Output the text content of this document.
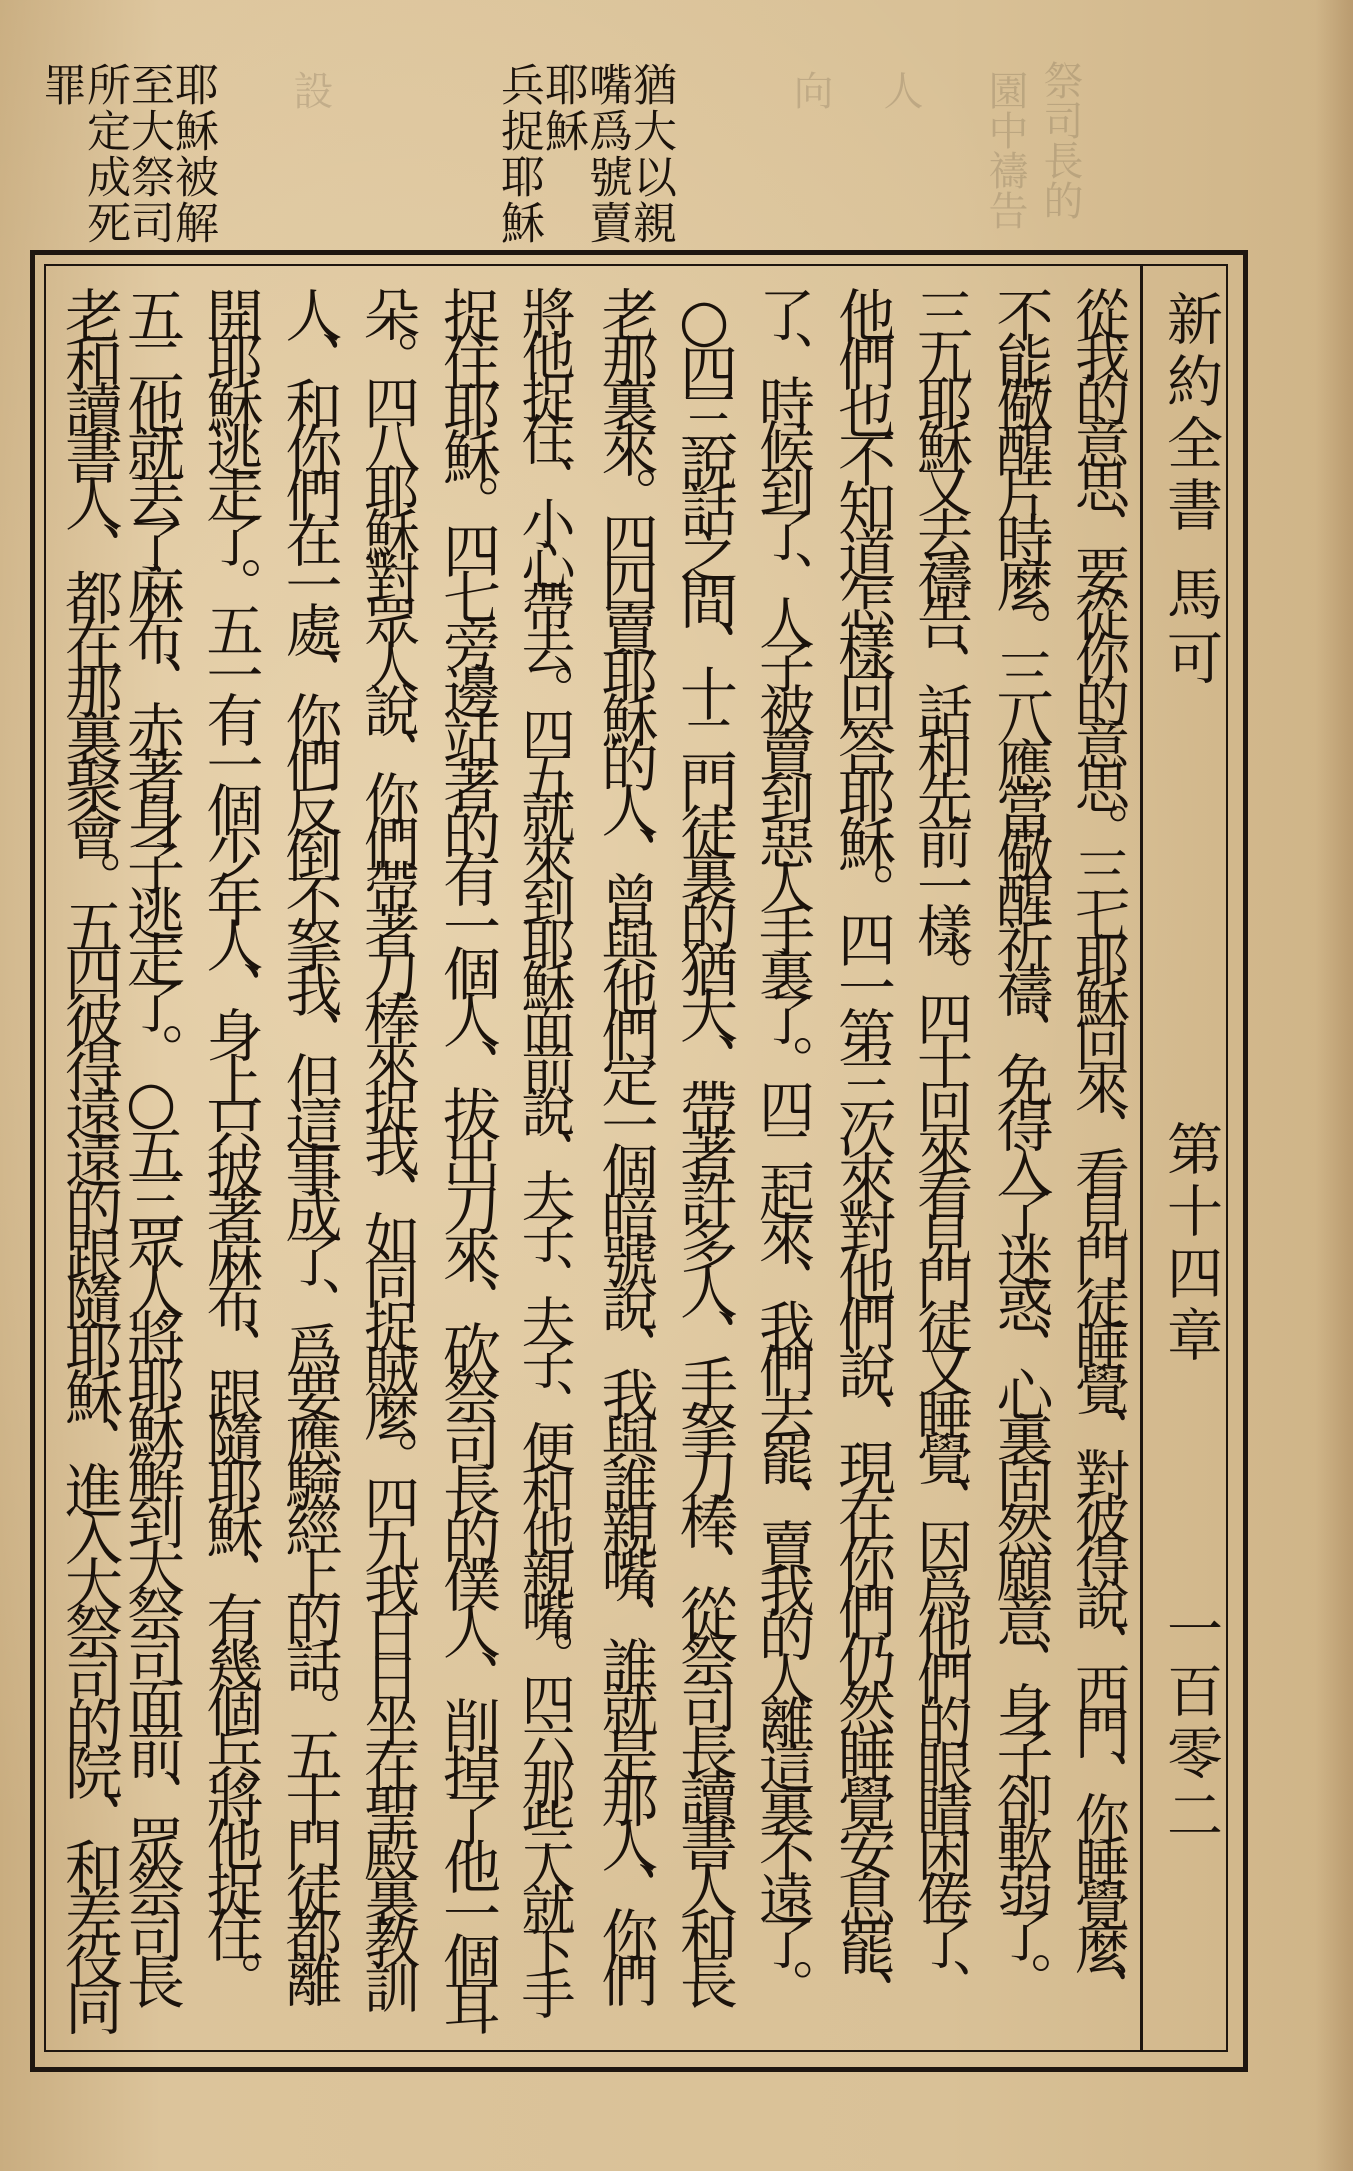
祭司長的
園中禱告
人
向
設	猶大以親
嘴爲號賣
耶穌
兵捉耶穌
耶穌被解
至大祭司
所定成死
罪
新約全書
馬可
第十四章
一百零二
從我的意思、要從你的意思。三七耶穌回來、看見門徒睡覺、對彼得說、西門、你睡覺麼、
不能儆醒片時麼。三八應當儆醒祈禱、免得入了迷惑、心裏固然願意、身子卻軟弱了。
三九耶穌又去禱告、話和先前一樣。四十回來看見門徒又睡覺、因爲他們的眼睛困倦了、
他們也不知道怎樣回答耶穌。四一第三次來對他們說、現在你們仍然睡覺安息罷、
了、時候到了、人子被賣到惡人手裏了。四二起來、我們去罷、賣我的人離這裏不遠了。
○四三說話之間、十二門徒裏的猶大、帶著許多人、手拏刀棒、從祭司長讀書人和長
老那裏來。四四賣耶穌的人、曾與他們定一個暗號說、我與誰親嘴、誰就是那人、你們
將他捉住、小心帶去。四五就來到耶穌面前說、夫子、夫子、便和他親嘴。四六那些人就下手
捉住耶穌。四七旁邊站著的有一個人、拔出刀來、砍祭司長的僕人、削掉了他一個耳
朵。四八耶穌對眾人說、你們帶著刀棒來捉我、如同捉賊麼。四九我日日坐在聖殿裏教訓
人、和你們在一處、你們反倒不拏我、但這事成了、爲要應驗經上的話。五十門徒都離
開耶穌逃走了。五一有一個少年人、身上只披著麻布、跟隨耶穌、有幾個兵將他捉住。
五二他就丟了麻布、赤著身子逃走了。○五三眾人將耶穌解到大祭司面前、眾祭司長
老和讀書人、都在那裏聚會。五四彼得遠遠的跟隨耶穌、進入大祭司的院、和差役同
